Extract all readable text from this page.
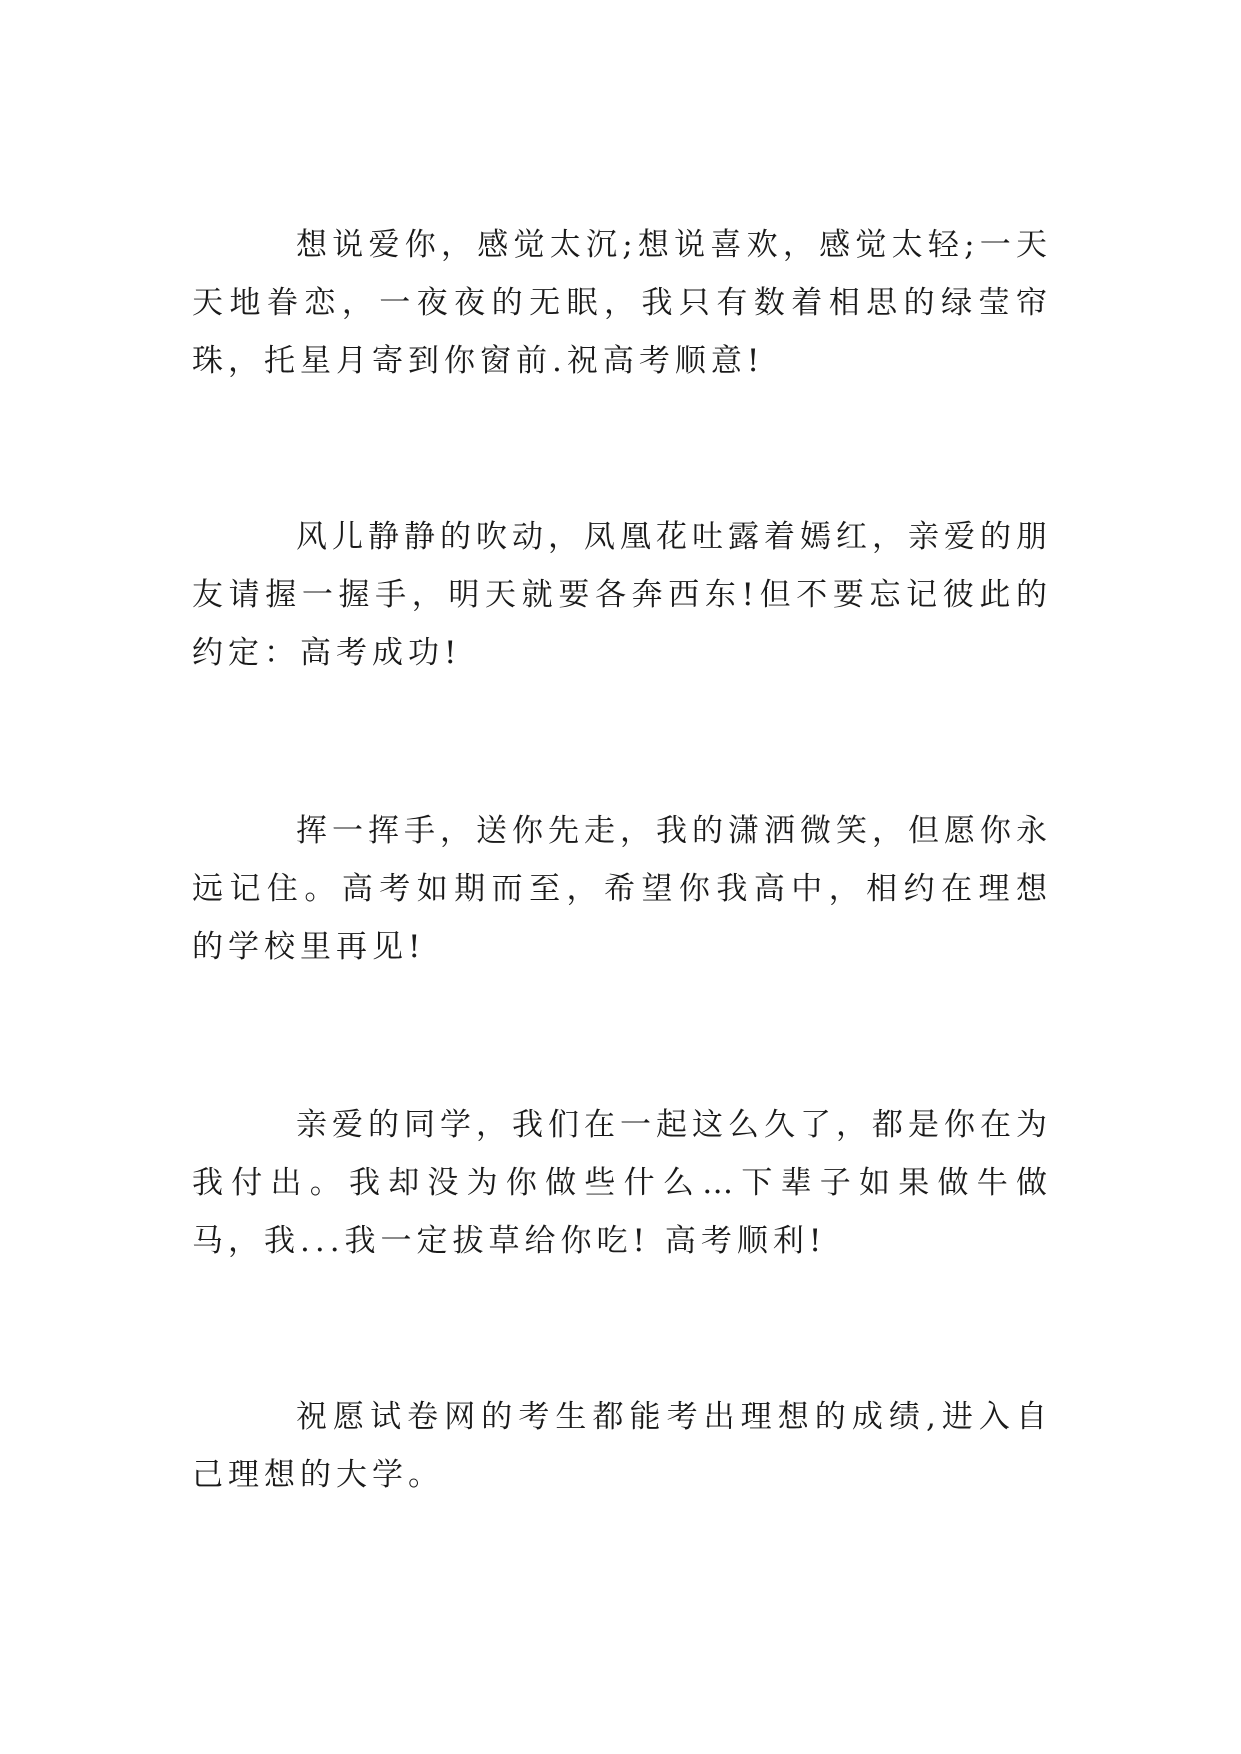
想说爱你，感觉太沉;想说喜欢，感觉太轻;一天天地眷恋，一夜夜的无眠，我只有数着相思的绿莹帘珠，托星月寄到你窗前.祝高考顺意!

风儿静静的吹动，凤凰花吐露着嫣红，亲爱的朋友请握一握手，明天就要各奔西东!但不要忘记彼此的约定：高考成功!

挥一挥手，送你先走，我的潇洒微笑，但愿你永远记住。高考如期而至，希望你我高中，相约在理想的学校里再见!

亲爱的同学，我们在一起这么久了，都是你在为我付出。我却没为你做些什么…下辈子如果做牛做马，我...我一定拔草给你吃! 高考顺利!

祝愿试卷网的考生都能考出理想的成绩,进入自己理想的大学。
